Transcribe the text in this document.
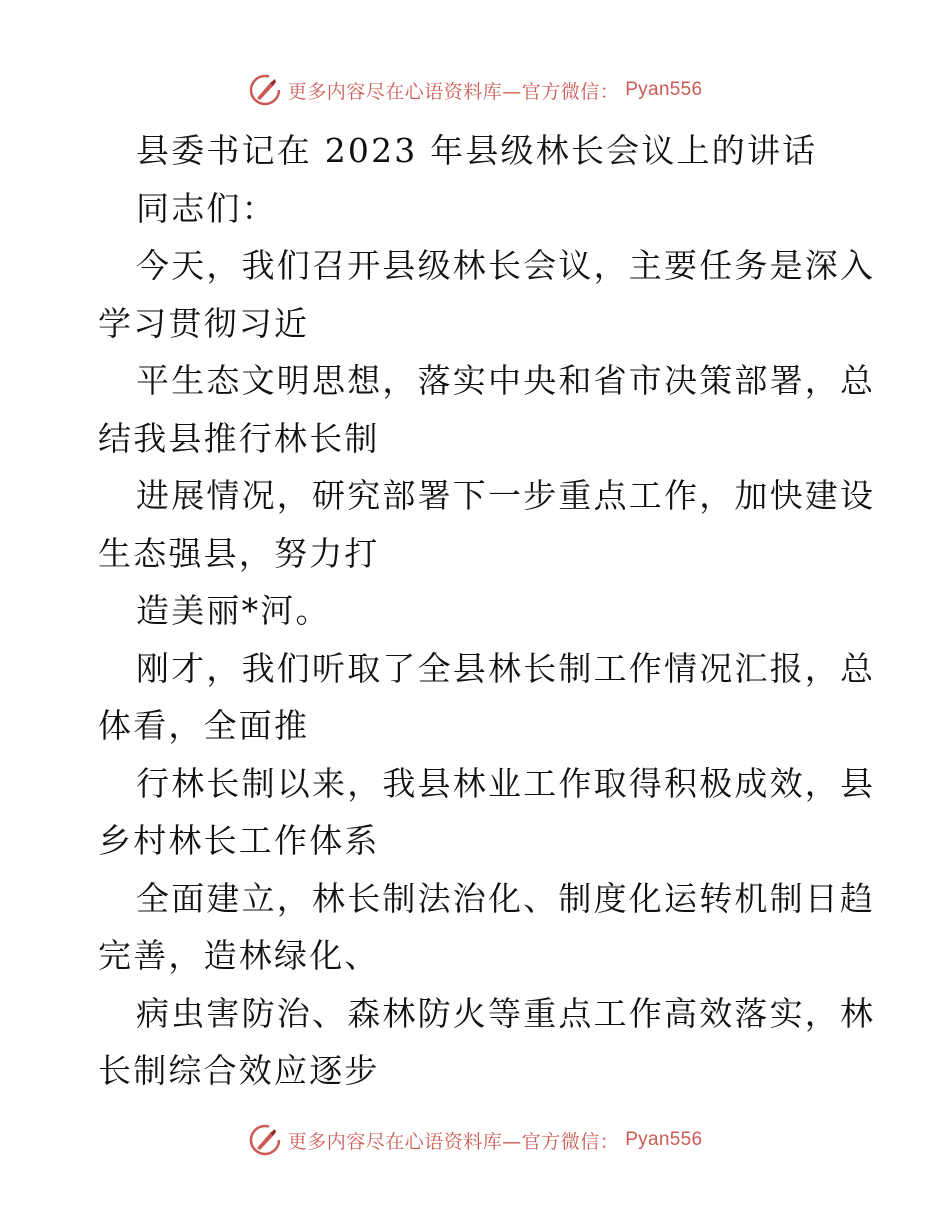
更多内容尽在心语资料库—官方微信： Pyan556
县委书记在 2023 年县级林长会议上的讲话
同志们：
今天，我们召开县级林长会议，主要任务是深入
学习贯彻习近
平生态文明思想，落实中央和省市决策部署，总
结我县推行林长制
进展情况，研究部署下一步重点工作，加快建设
生态强县，努力打
造美丽*河。
刚才，我们听取了全县林长制工作情况汇报，总
体看，全面推
行林长制以来，我县林业工作取得积极成效，县
乡村林长工作体系
全面建立，林长制法治化、制度化运转机制日趋
完善，造林绿化、
病虫害防治、森林防火等重点工作高效落实，林
长制综合效应逐步
更多内容尽在心语资料库—官方微信： Pyan556
